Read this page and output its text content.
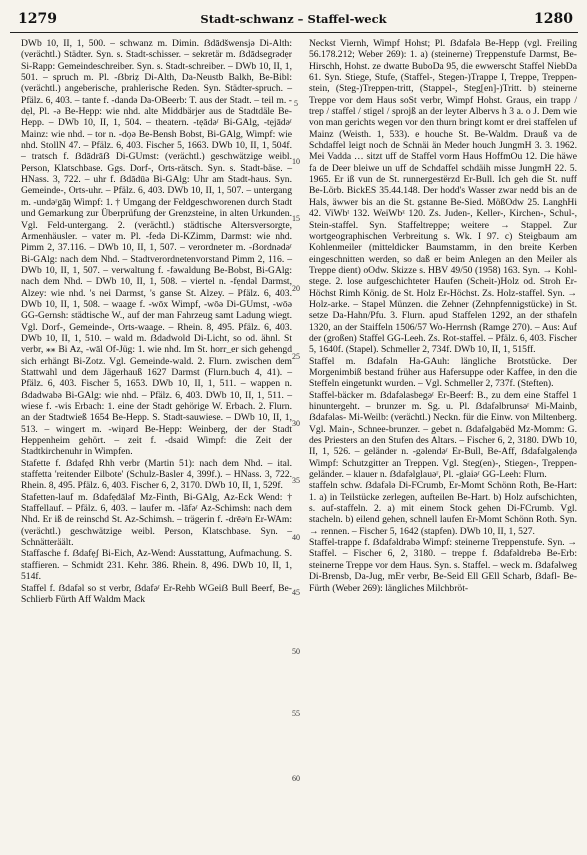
1279	Stadt-schwanz – Staffel-weck	1280

DWb 10, II, 1, 500. – schwanz m. Dimin. ẞdādšwensjə Di-Alth: (verächtl.) Städter. Syn. s. Stadt-schisser. – sekretär m. ẞdādsegrədẹr Si-Rapp: Gemeindeschreiber. Syn. s. Stadt-schreiber. – DWb 10, II, 1, 501. – spruch m. Pl. -ẞbriẓ Di-Alth, Da-Neustb Balkh, Be-Bibl: (verächtl.) angeberische, prahlerische Reden. Syn. Städter-spruch. – Pfälz. 6, 403. – tante f. -dandə Da-OBeerb: T. aus der Stadt. – teil m. -dẹl, Pl. -ə Be-Hepp: wie nhd. alte Middbärjer aus de Stadtdäle Be-Hepp. – DWb 10, II, 1, 504. – theatern. -tẹādəʳ Bi-GAlg, -tẹjādəʳ Mainz: wie nhd. – tor n. -dọə Be-Bensh Bobst, Bi-GAlg, Wimpf: wie nhd. StollN 47. – Pfälz. 6, 403. Fischer 5, 1663. DWb 10, II, 1, 504f. – tratsch f. ẞdādrāẞ Di-GUmst: (verächtl.) geschwätzige weibl. Person, Klatschbase. Ggs. Dorf-, Orts-rätsch. Syn. s. Stadt-bäse. – HNass. 3, 722. – uhr f. ẞdādūə Bi-GAlg: Uhr am Stadt-haus. Syn. Gemeinde-, Orts-uhr. – Pfälz. 6, 403. DWb 10, II, 1, 507. – untergang m. -undəʳgāŋ Wimpf: 1. † Umgang der Feldgeschworenen durch Stadt und Gemarkung zur Überprüfung der Grenzsteine, in alten Urkunden. Vgl. Feld-untergang. 2. (verächtl.) städtische Altersversorgte, Armenhäusler. – vater m. Pl. -fedə Di-KZimm, Darmst: wie nhd. Pimm 2, 37.116. – DWb 10, II, 1, 507. – verordneter m. -ẞordnədəʳ Bi-GAlg: nach dem Nhd. – Stadtverordnetenvorstand Pimm 2, 116. – DWb 10, II, 1, 507. – verwaltung f. -fəwaldung Be-Bobst, Bi-GAlg: nach dem Nhd. – DWb 10, II, 1, 508. – viertel n. -fẹndəl Darmst, Alzey: wie nhd. 's nei Darmst, 's ganse St. Alzey. – Pfälz. 6, 403. DWb 10, II, 1, 508. – waage f. -wōx Wimpf, -wōə Di-GUmst, -wōə GG-Gernsh: städtische W., auf der man Fahrzeug samt Ladung wiegt. Vgl. Dorf-, Gemeinde-, Orts-waage. – Rhein. 8, 495. Pfälz. 6, 403. DWb 10, II, 1, 510. – wald m. ẞdadwold Di-Licht, so od. ähnl. St verbr, ⁎⁎ Bi Az, -wāl Of-Jüg: 1. wie nhd. Im St. horr_er sich gehengd sich erhängt Bi-Zotz. Vgl. Gemeinde-wald. 2. Flurn. zwischen dem Stattwahl und dem Jägerhauß 1627 Darmst (Flurn.buch 4, 41). – Pfälz. 6, 403. Fischer 5, 1653. DWb 10, II, 1, 511. – wappen n. ẞdadwabə Bi-GAlg: wie nhd. – Pfälz. 6, 403. DWb 10, II, 1, 511. – wiese f. -wis Erbach: 1. eine der Stadt gehörige W. Erbach. 2. Flurn. an der Stadtwieß 1654 Be-Hepp. S. Stadt-sauwiese. – DWb 10, II, 1, 513. – wingert m. -wiŋərd Be-Hepp: Weinberg, der der Stadt Heppenheim gehört. – zeit f. -dsaid Wimpf: die Zeit der Stadtkirchenuhr in Wimpfen.

Stafette f. ẞdafẹd Rhh verbr (Martin 51): nach dem Nhd. – ital. staffetta 'reitender Eilbote' (Schulz-Basler 4, 399f.). – HNass. 3, 722. Rhein. 8, 495. Pfälz. 6, 403. Fischer 6, 2, 3170. DWb 10, II, 1, 529f.

Stafetten-lauf m. ẞdafẹdāləf Mz-Finth, Bi-GAlg, Az-Eck Wend: † Staffellauf. – Pfälz. 6, 403. – laufer m. -lāfəʳ Az-Schimsh: nach dem Nhd. Er iß de reinschd St. Az-Schimsh. – trägerin f. -drēəʳn Er-WAm: (verächtl.) geschwätzige weibl. Person, Klatschbase. Syn. – Schnätteräält.

Staffasche f. ẞdafẹʃ Bi-Eich, Az-Wend: Ausstattung, Aufmachung. S. staffieren. – Schmidt 231. Kehr. 386. Rhein. 8, 496. DWb 10, II, 1, 514f.

Staffel f. ẞdafəl so st verbr, ẞdafəʳ Er-Rehb WGeiẞ Bull Beerf, Be-Schlierb Fürth Aff Waldm Mack

5
10
15
20
25
30
35
40
45
50
55
60

Neckst Viernh, Wimpf Hohst; Pl. ẞdafələ Be-Hepp (vgl. Freiling 56.178.212; Weber 269): 1. a) (steinerne) Treppenstufe Darmst, Be-Hirschh, Hohst. ze dwatte BuboDa 95, die ewwerscht Staffel NiebDa 61. Syn. Stiege, Stufe, (Staffel-, Stegen-)Trappe I, Treppe, Treppen-stein, (Steg-)Treppen-tritt, (Stappel-, Steg[en]-)Tritt. b) steinerne Treppe vor dem Haus soSt verbr, Wimpf Hohst. Graus, ein trapp / trep / staffel / stigel / sprojß an der leyter Albervs h 3 a. o J. Dem wie von man gerichts wegen vor den thurn bringt komt er drei staffelen uf Mainz (Weisth. 1, 533). e houche St. Be-Waldm. Drauß va de Schdaffel leigt noch de Schnäi än Meder houch JungmH 3. 3. 1962. Mei Vadda … sitzt uff de Staffel vorm Haus HoffmOu 12. Die häwe fa de Deer bleiwe un uff de Schdaffel schdäih misse JungmH 22. 5. 1965. Er iß vun de St. runnergestërzd Er-Bull. Ich geh die St. nuff Be-Lörb. BickES 35.44.148. Der hodd's Wasser zwar nedd bis an de Hals, äwwer bis an die St. gstanne Be-Sied. MößOdw 25. LanghHi 42. ViWbᵗ 132. WeiWbᶻ 120. Zs. Juden-, Keller-, Kirchen-, Schul-, Stein-staffel. Syn. Staffeltreppe; weitere → Stappel. Zur wortgeographischen Verbreitung s. Wk. I 97. c) Steigbaum am Kohlenmeiler (mitteldicker Baumstamm, in den breite Kerben eingeschnitten werden, so daß er beim Anlegen an den Meiler als Treppe dient) oOdw. Skizze s. HBV 49/50 (1958) 163. Syn. → Kohl-stege. 2. lose aufgeschichteter Haufen (Scheit-)Holz od. Stroh Er-Höchst Rimh König. de St. Holz Er-Höchst. Zs. Holz-staffel. Syn. → Holz-arke. – Stapel Münzen. die Zehner (Zehnpfennigstücke) in St. setze Da-Hahn/Pfu. 3. Flurn. apud Staffelen 1292, an der sthafeln 1320, an der Staiffeln 1506/57 Wo-Herrnsh (Ramge 270). – Aus: Auf der (großen) Staffel GG-Leeh. Zs. Rot-staffel. – Pfälz. 6, 403. Fischer 5, 1640f. (Stapel). Schmeller 2, 734f. DWb 10, II, 1, 515ff.

Staffel m. ẞdafəln Ha-GAuh: längliche Brotstücke. Der Morgenimbiß bestand früher aus Hafersuppe oder Kaffee, in den die Steffeln eingetunkt wurden. – Vgl. Schmeller 2, 737f. (Steften).

Staffel-bäcker m. ẞdafəlasbegəʳ Er-Beerf: B., zu dem eine Staffel 1 hinuntergeht. – brunzer m. Sg. u. Pl. ẞdafəlbrunsəʳ Mi-Mainb, ẞdafələs- Mi-Weilb: (verächtl.) Neckn. für die Einw. von Miltenberg. Vgl. Main-, Schnee-brunzer. – gebet n. ẞdafəlgəbëd Mz-Momm: G. des Priesters an den Stufen des Altars. – Fischer 6, 2, 3180. DWb 10, II, 1, 526. – geländer n. -gəlendəʳ Er-Bull, Be-Aff, ẞdafəlgəlenḍə Wimpf: Schutzgitter an Treppen. Vgl. Steg(en)-, Stiegen-, Treppen-geländer. – klauer n. ẞdafəlglauəʳ, Pl. -glaiəʳ GG-Leeh: Flurn.

staffeln schw. ẞdafələ Di-FCrumb, Er-Momt Schönn Roth, Be-Hart: 1. a) in Teilstücke zerlegen, aufteilen Be-Hart. b) Holz aufschichten, s. auf-staffeln. 2. a) mit einem Stock gehen Di-FCrumb. Vgl. stacheln. b) eilend gehen, schnell laufen Er-Momt Schönn Roth. Syn. → rennen. – Fischer 5, 1642 (stapfen). DWb 10, II, 1, 527.

Staffel-trappe f. ẞdafəldrabə Wimpf: steinerne Treppenstufe. Syn. → Staffel. – Fischer 6, 2, 3180. – treppe f. ẞdafəldrebə Be-Erb: steinerne Treppe vor dem Haus. Syn. s. Staffel. – weck m. ẞdafəlweg Di-Brensb, Da-Jug, mEr verbr, Be-Seid Ell GEll Scharb, ẞdafl- Be-Fürth (Weber 269): längliches Milchbröt-
